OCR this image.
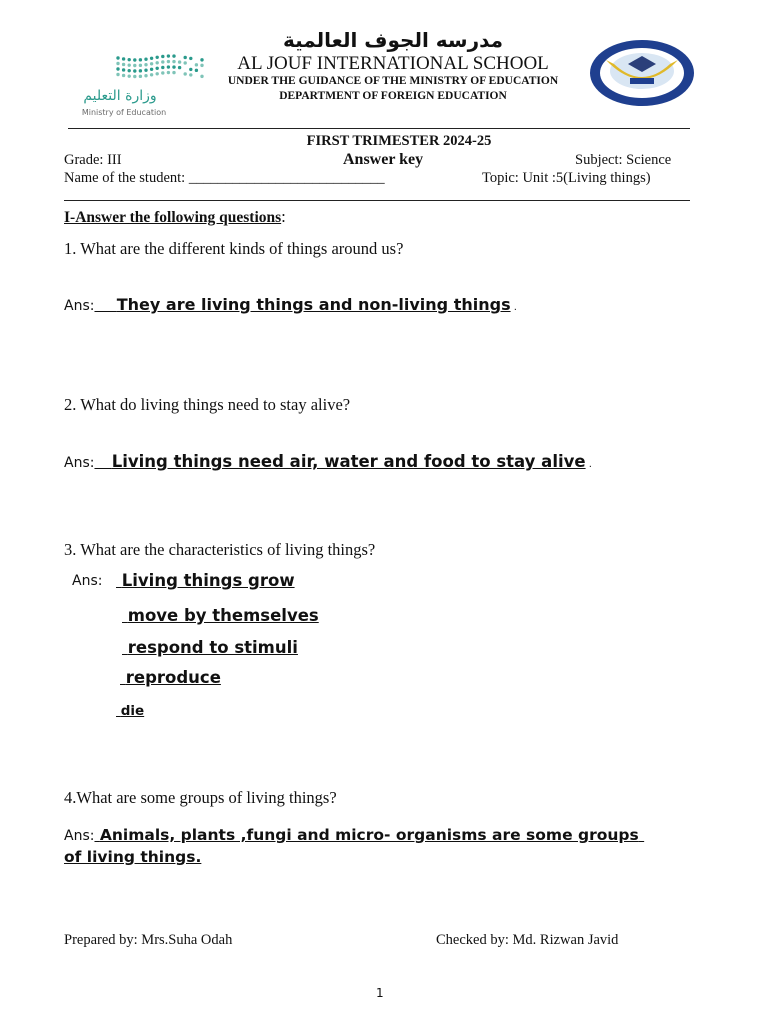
وزارة التعليم
Ministry of Education
مدرسه الجوف العالمية
AL JOUF INTERNATIONAL SCHOOL
UNDER THE GUIDANCE OF THE MINISTRY OF EDUCATION
DEPARTMENT OF FOREIGN EDUCATION
FIRST TRIMESTER 2024-25
Grade: III	Answer key	Subject: Science
Name of the student: ___________________________	Topic: Unit :5(Living things)
I-Answer the following questions:
1. What are the different kinds of things around us?
Ans: They are living things and non-living things .
2. What do living things need to stay alive?
Ans: Living things need air, water and food to stay alive .
3. What are the characteristics of living things?
Ans:	Living things grow
move by themselves
respond to stimuli
reproduce
die
4.What are some groups of living things?
Ans: Animals, plants ,fungi and micro- organisms are some groups
of living things.
Prepared by: Mrs.Suha Odah	Checked by: Md. Rizwan Javid
1
